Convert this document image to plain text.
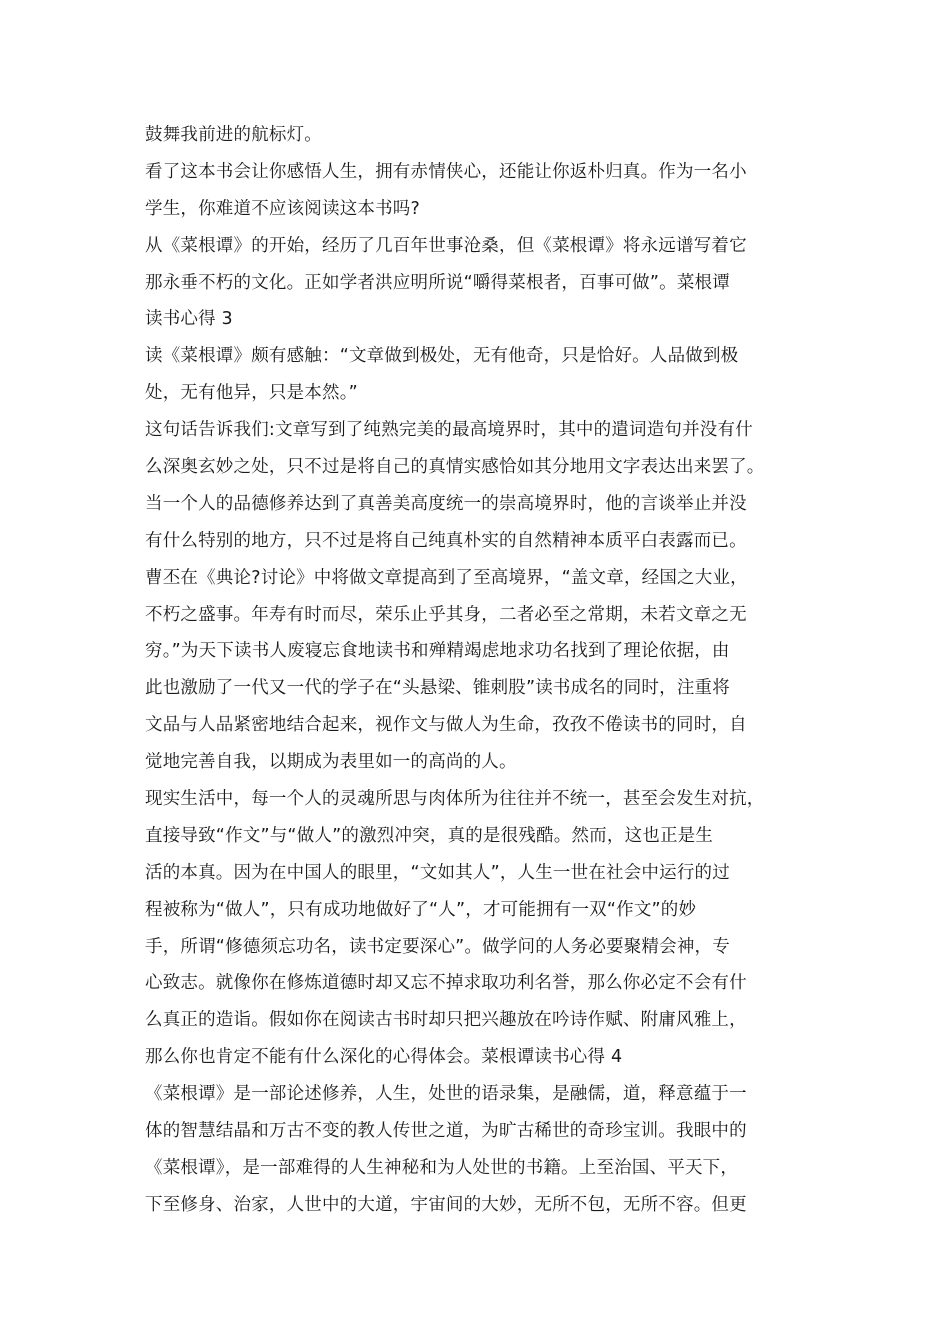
鼓舞我前进的航标灯。
看了这本书会让你感悟人生，拥有赤情侠心，还能让你返朴归真。作为一名小
学生，你难道不应该阅读这本书吗?
从《菜根谭》的开始，经历了几百年世事沧桑，但《菜根谭》将永远谱写着它
那永垂不朽的文化。正如学者洪应明所说“嚼得菜根者，百事可做”。菜根谭
读书心得 3
读《菜根谭》颇有感触：“文章做到极处，无有他奇，只是恰好。人品做到极
处，无有他异，只是本然。”
这句话告诉我们:文章写到了纯熟完美的最高境界时，其中的遣词造句并没有什
么深奥玄妙之处，只不过是将自己的真情实感恰如其分地用文字表达出来罢了。
当一个人的品德修养达到了真善美高度统一的崇高境界时，他的言谈举止并没
有什么特别的地方，只不过是将自己纯真朴实的自然精神本质平白表露而已。
曹丕在《典论?讨论》中将做文章提高到了至高境界，“盖文章，经国之大业，
不朽之盛事。年寿有时而尽，荣乐止乎其身，二者必至之常期，未若文章之无
穷。”为天下读书人废寝忘食地读书和殚精竭虑地求功名找到了理论依据，由
此也激励了一代又一代的学子在“头悬梁、锥刺股”读书成名的同时，注重将
文品与人品紧密地结合起来，视作文与做人为生命，孜孜不倦读书的同时，自
觉地完善自我，以期成为表里如一的高尚的人。
现实生活中，每一个人的灵魂所思与肉体所为往往并不统一，甚至会发生对抗，
直接导致“作文”与“做人”的激烈冲突，真的是很残酷。然而，这也正是生
活的本真。因为在中国人的眼里，“文如其人”，人生一世在社会中运行的过
程被称为“做人”，只有成功地做好了“人”，才可能拥有一双“作文”的妙
手，所谓“修德须忘功名，读书定要深心”。做学问的人务必要聚精会神，专
心致志。就像你在修炼道德时却又忘不掉求取功利名誉，那么你必定不会有什
么真正的造诣。假如你在阅读古书时却只把兴趣放在吟诗作赋、附庸风雅上，
那么你也肯定不能有什么深化的心得体会。菜根谭读书心得 4
《菜根谭》是一部论述修养，人生，处世的语录集，是融儒，道，释意蕴于一
体的智慧结晶和万古不变的教人传世之道，为旷古稀世的奇珍宝训。我眼中的
《菜根谭》，是一部难得的人生神秘和为人处世的书籍。上至治国、平天下，
下至修身、治家，人世中的大道，宇宙间的大妙，无所不包，无所不容。但更
